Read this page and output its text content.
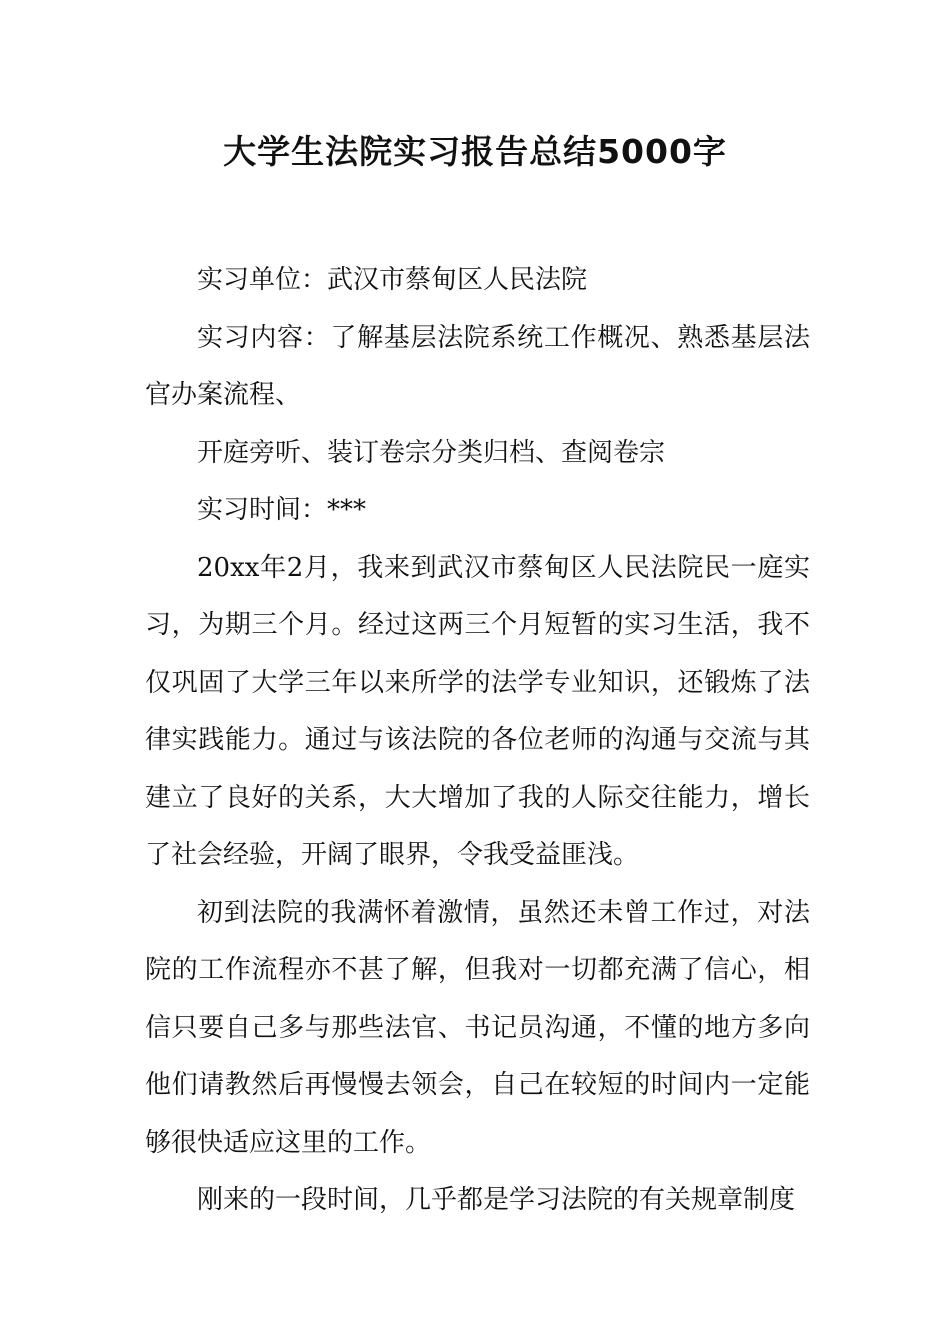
大学生法院实习报告总结5000字

实习单位：武汉市蔡甸区人民法院

实习内容：了解基层法院系统工作概况、熟悉基层法官办案流程、

开庭旁听、装订卷宗分类归档、查阅卷宗

实习时间：***

20xx年2月，我来到武汉市蔡甸区人民法院民一庭实习，为期三个月。经过这两三个月短暂的实习生活，我不仅巩固了大学三年以来所学的法学专业知识，还锻炼了法律实践能力。通过与该法院的各位老师的沟通与交流与其建立了良好的关系，大大增加了我的人际交往能力，增长了社会经验，开阔了眼界，令我受益匪浅。

初到法院的我满怀着激情，虽然还未曾工作过，对法院的工作流程亦不甚了解，但我对一切都充满了信心，相信只要自己多与那些法官、书记员沟通，不懂的地方多向他们请教然后再慢慢去领会，自己在较短的时间内一定能够很快适应这里的工作。

刚来的一段时间，几乎都是学习法院的有关规章制度
